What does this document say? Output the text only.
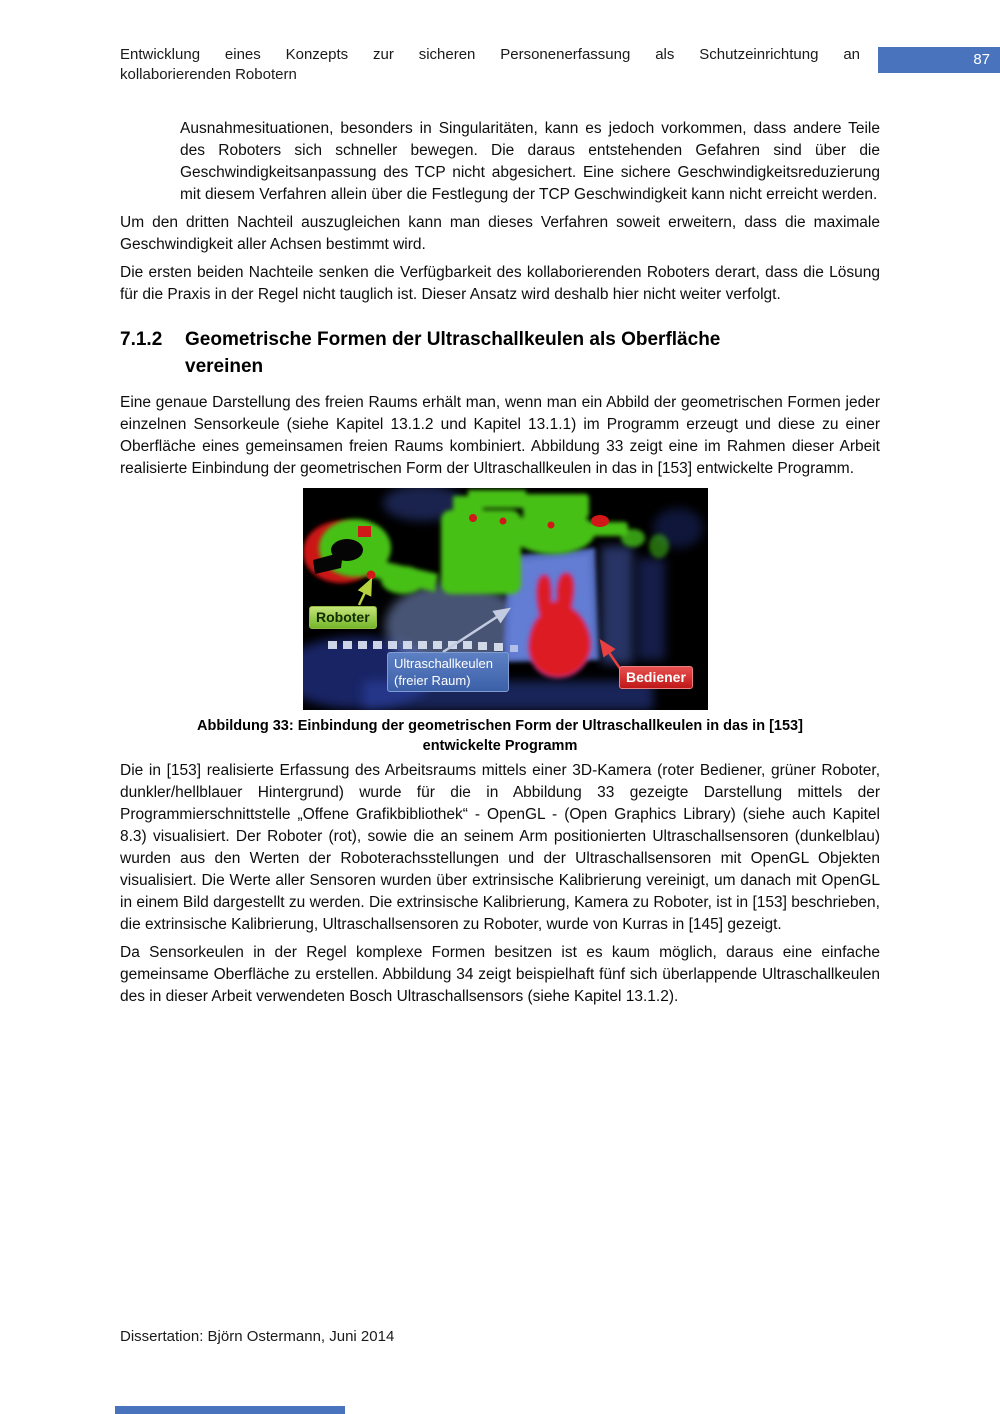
Entwicklung eines Konzepts zur sicheren Personenerfassung als Schutzeinrichtung an
kollaborierenden Robotern
87

Ausnahmesituationen, besonders in Singularitäten, kann es jedoch vorkommen, dass andere Teile des Roboters sich schneller bewegen. Die daraus entstehenden Gefahren sind über die Geschwindigkeitsanpassung des TCP nicht abgesichert. Eine sichere Geschwindigkeitsreduzierung mit diesem Verfahren allein über die Festlegung der TCP Geschwindigkeit kann nicht erreicht werden.

Um den dritten Nachteil auszugleichen kann man dieses Verfahren soweit erweitern, dass die maximale Geschwindigkeit aller Achsen bestimmt wird.

Die ersten beiden Nachteile senken die Verfügbarkeit des kollaborierenden Roboters derart, dass die Lösung für die Praxis in der Regel nicht tauglich ist. Dieser Ansatz wird deshalb hier nicht weiter verfolgt.

7.1.2	Geometrische Formen der Ultraschallkeulen als Oberfläche
vereinen

Eine genaue Darstellung des freien Raums erhält man, wenn man ein Abbild der geometrischen Formen jeder einzelnen Sensorkeule (siehe Kapitel 13.1.2 und Kapitel 13.1.1) im Programm erzeugt und diese zu einer Oberfläche eines gemeinsamen freien Raums kombiniert. Abbildung 33 zeigt eine im Rahmen dieser Arbeit realisierte Einbindung der geometrischen Form der Ultraschallkeulen in das in [153] entwickelte Programm.

Roboter
Ultraschallkeulen
(freier Raum)	Bediener
Abbildung 33: Einbindung der geometrischen Form der Ultraschallkeulen in das in [153]
entwickelte Programm

Die in [153] realisierte Erfassung des Arbeitsraums mittels einer 3D-Kamera (roter Bediener, grüner Roboter, dunkler/hellblauer Hintergrund) wurde für die in Abbildung 33 gezeigte Darstellung mittels der Programmierschnittstelle „Offene Grafikbibliothek“ - OpenGL - (Open Graphics Library) (siehe auch Kapitel 8.3) visualisiert. Der Roboter (rot), sowie die an seinem Arm positionierten Ultraschallsensoren (dunkelblau) wurden aus den Werten der Roboterachsstellungen und der Ultraschallsensoren mit OpenGL Objekten visualisiert. Die Werte aller Sensoren wurden über extrinsische Kalibrierung vereinigt, um danach mit OpenGL in einem Bild dargestellt zu werden. Die extrinsische Kalibrierung, Kamera zu Roboter, ist in [153] beschrieben, die extrinsische Kalibrierung, Ultraschallsensoren zu Roboter, wurde von Kurras in [145] gezeigt.

Da Sensorkeulen in der Regel komplexe Formen besitzen ist es kaum möglich, daraus eine einfache gemeinsame Oberfläche zu erstellen. Abbildung 34 zeigt beispielhaft fünf sich überlappende Ultraschallkeulen des in dieser Arbeit verwendeten Bosch Ultraschallsensors (siehe Kapitel 13.1.2).

Dissertation: Björn Ostermann, Juni 2014
